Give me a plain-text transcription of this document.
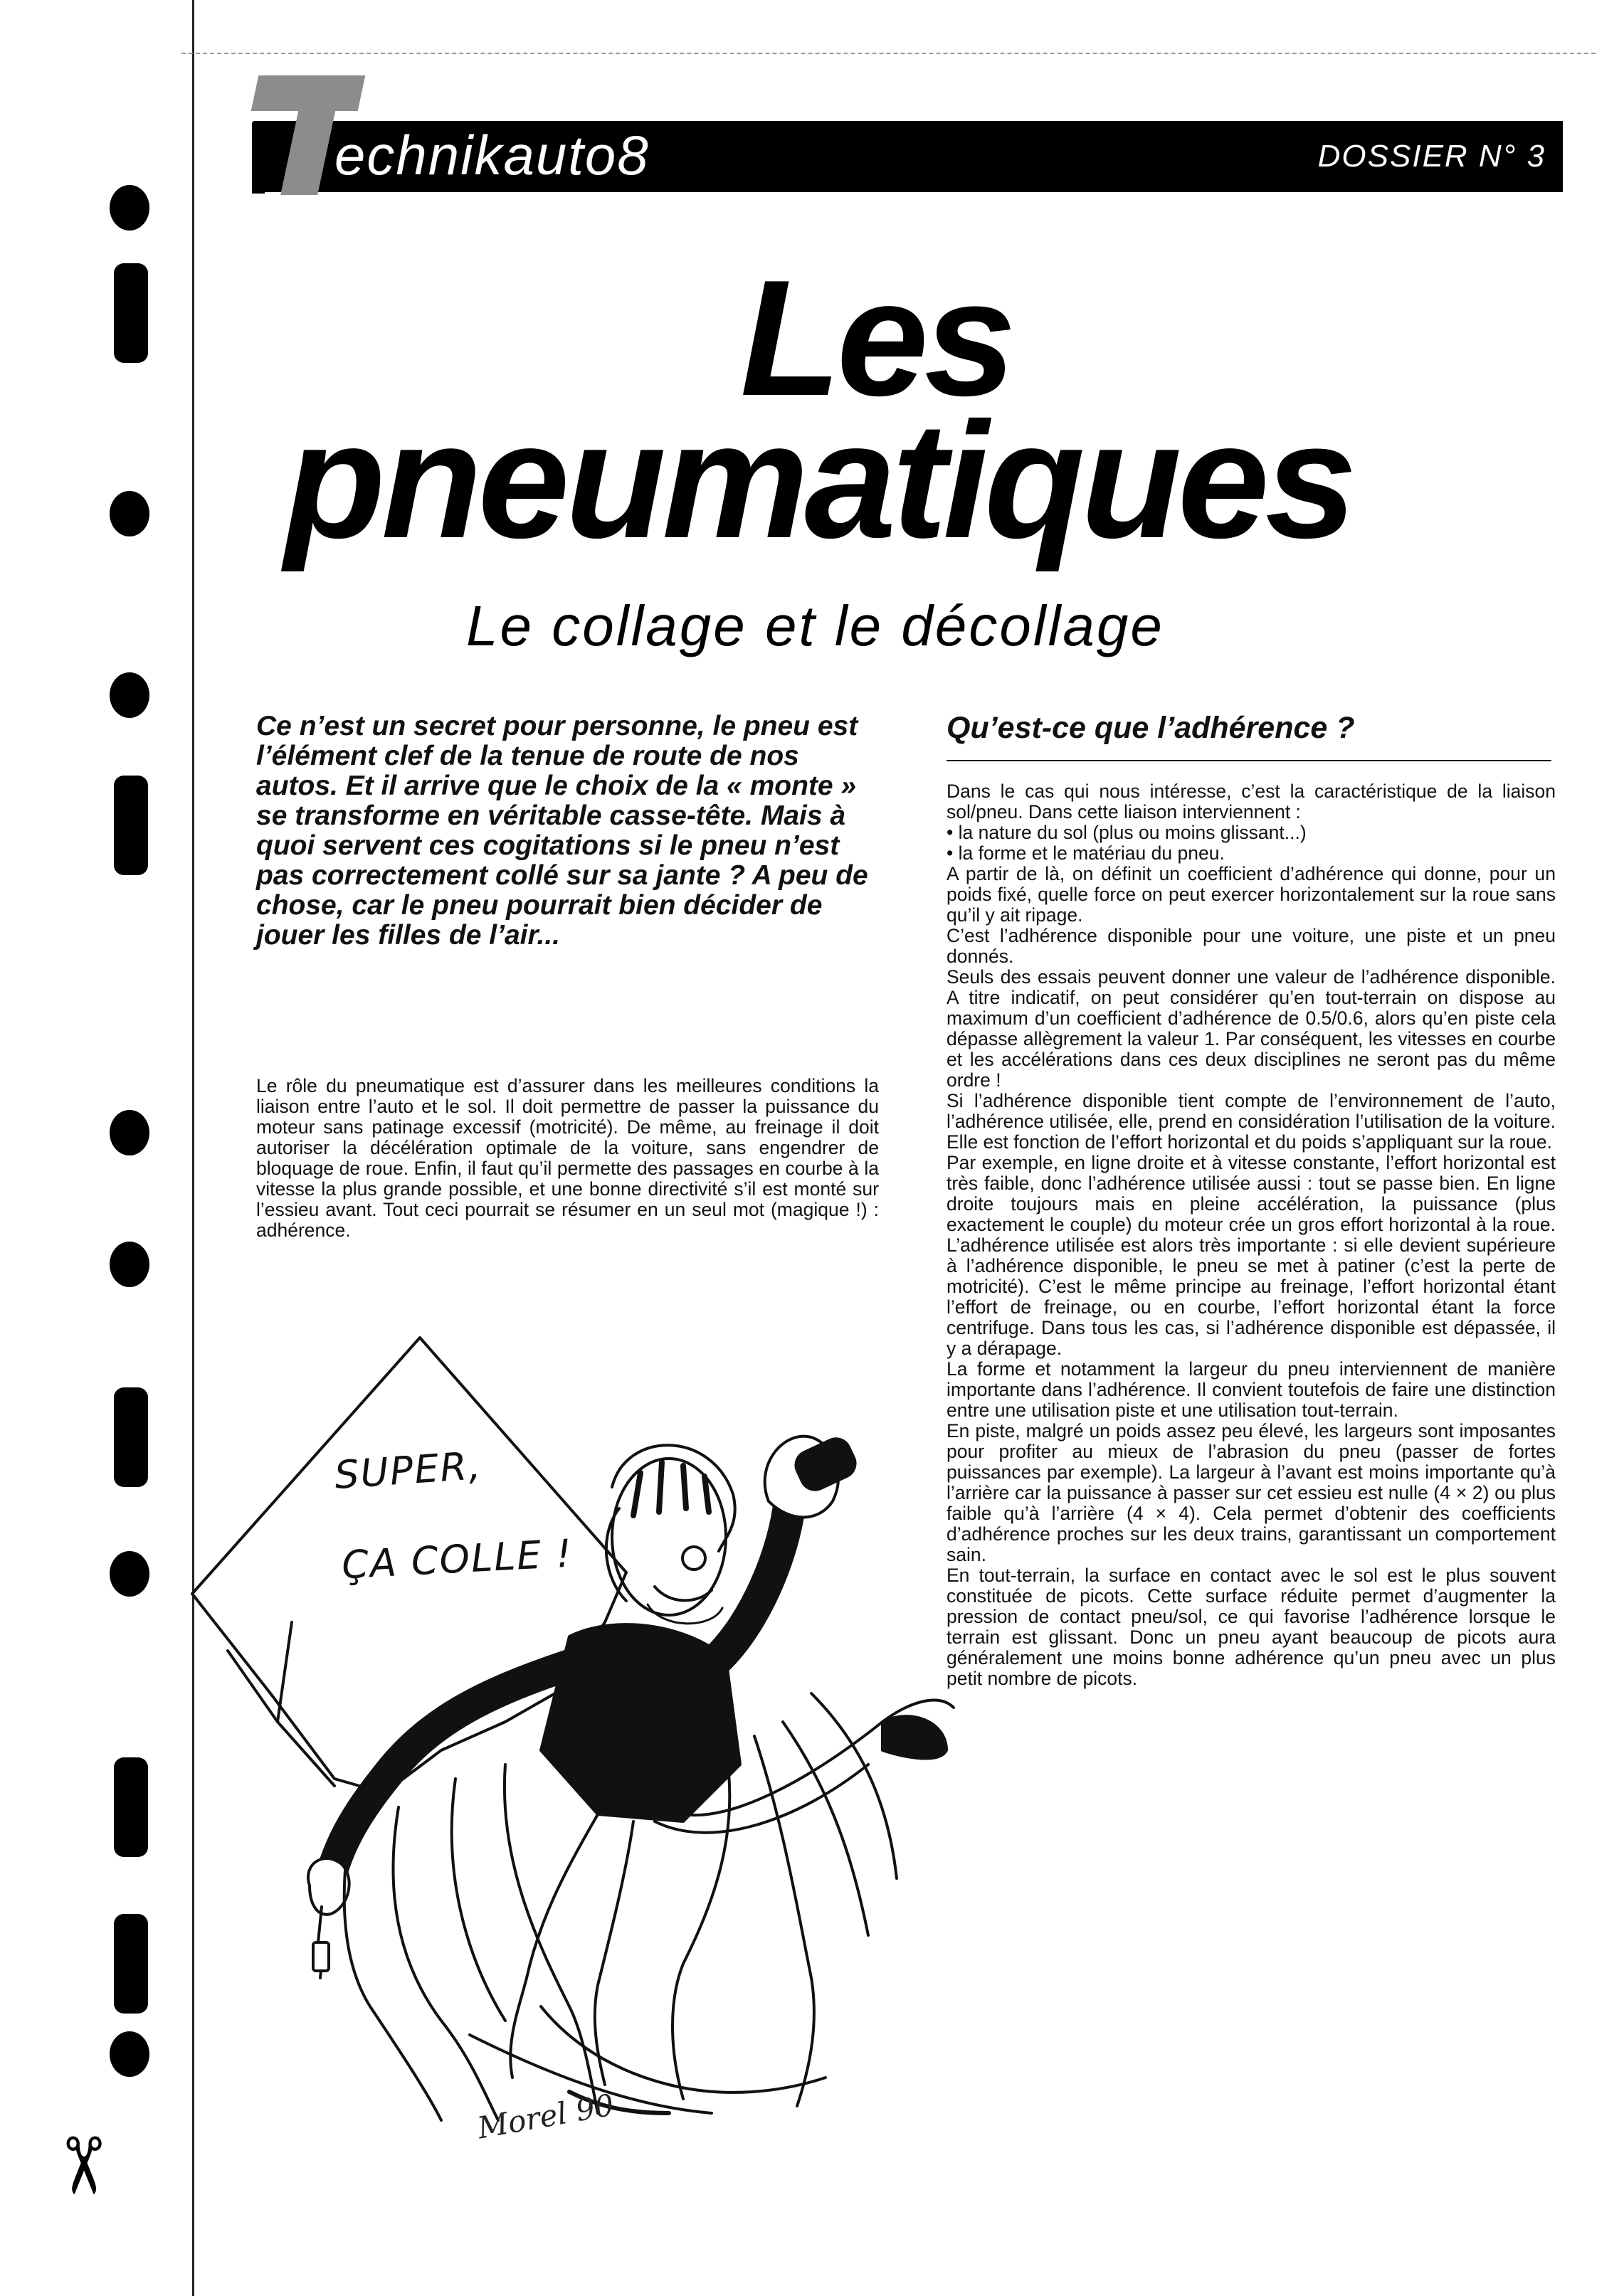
✂
echnikauto8	DOSSIER N° 3
Les
pneumatiques
Le collage et le décollage

Ce n’est un secret pour personne, le pneu est l’élément clef de la tenue de route de nos autos. Et il arrive que le choix de la « monte » se transforme en véritable casse-tête. Mais à quoi servent ces cogitations si le pneu n’est pas correctement collé sur sa jante ? A peu de chose, car le pneu pourrait bien décider de jouer les filles de l’air...

Le rôle du pneumatique est d’assurer dans les meilleures conditions la liaison entre l’auto et le sol. Il doit permettre de passer la puissance du moteur sans patinage excessif (motricité). De même, au freinage il doit autoriser la décélération optimale de la voiture, sans engendrer de bloquage de roue. Enfin, il faut qu’il permette des passages en courbe à la vitesse la plus grande possible, et une bonne directivité s’il est monté sur l’essieu avant. Tout ceci pourrait se résumer en un seul mot (magique !) : adhérence.

Qu’est-ce que l’adhérence ?

Dans le cas qui nous intéresse, c’est la caractéristique de la liaison sol/pneu. Dans cette liaison interviennent :

• la nature du sol (plus ou moins glissant...)

• la forme et le matériau du pneu.

A partir de là, on définit un coefficient d’adhérence qui donne, pour un poids fixé, quelle force on peut exercer horizontalement sur la roue sans qu’il y ait ripage.

C’est l’adhérence disponible pour une voiture, une piste et un pneu donnés.

Seuls des essais peuvent donner une valeur de l’adhérence disponible. A titre indicatif, on peut considérer qu’en tout-terrain on dispose au maximum d’un coefficient d’adhérence de 0.5/0.6, alors qu’en piste cela dépasse allègrement la valeur 1. Par conséquent, les vitesses en courbe et les accélérations dans ces deux disciplines ne seront pas du même ordre !

Si l’adhérence disponible tient compte de l’environnement de l’auto, l’adhérence utilisée, elle, prend en considération l’utilisation de la voiture. Elle est fonction de l’effort horizontal et du poids s’appliquant sur la roue.

Par exemple, en ligne droite et à vitesse constante, l’effort horizontal est très faible, donc l’adhérence utilisée aussi : tout se passe bien. En ligne droite toujours mais en pleine accélération, la puissance (plus exactement le couple) du moteur crée un gros effort horizontal à la roue. L’adhérence utilisée est alors très importante : si elle devient supérieure à l’adhérence disponible, le pneu se met à patiner (c’est la perte de motricité). C’est le même principe au freinage, l’effort horizontal étant l’effort de freinage, ou en courbe, l’effort horizontal étant la force centrifuge. Dans tous les cas, si l’adhérence disponible est dépassée, il y a dérapage.

La forme et notamment la largeur du pneu interviennent de manière importante dans l’adhérence. Il convient toutefois de faire une distinction entre une utilisation piste et une utilisation tout-terrain.

En piste, malgré un poids assez peu élevé, les largeurs sont imposantes pour profiter au mieux de l’abrasion du pneu (passer de fortes puissances par exemple). La largeur à l’avant est moins importante qu’à l’arrière car la puissance à passer sur cet essieu est nulle (4 × 2) ou plus faible qu’à l’arrière (4 × 4). Cela permet d’obtenir des coefficients d’adhérence proches sur les deux trains, garantissant un comportement sain.

En tout-terrain, la surface en contact avec le sol est le plus souvent constituée de picots. Cette surface réduite permet d’augmenter la pression de contact pneu/sol, ce qui favorise l’adhérence lorsque le terrain est glissant. Donc un pneu ayant beaucoup de picots aura généralement une moins bonne adhérence qu’un pneu avec un plus petit nombre de picots.

SUPER,
ÇA COLLE !
Morel 90
